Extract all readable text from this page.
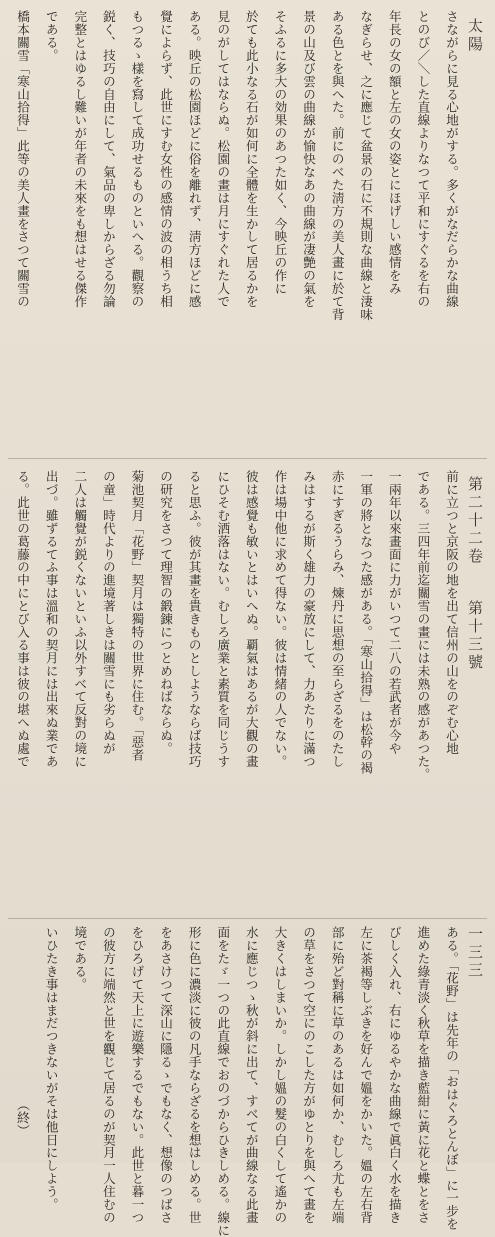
太陽

さながらに見る心地がする。多くがなだらかな曲線

とのび／＼した直線よりなつて平和にすぐるを右の

年長の女の額と左の女の姿とにほげしい感情をみ

なぎらせ、之に應じて盆景の石に不規則な曲線と淒味

ある色とを與へた。前にのべた淸方の美人畫に於て背

景の山及び雲の曲線が愉快なあの曲線が凄艶の氣を

そふるに多大の効果のあつた如く、今映丘の作に

於ても此小なる石が如何に全體を生かして居るかを

見のがしてはならぬ。松園の畫は月にすぐれた人で

ある。映丘の松園ほどに俗を離れず、淸方ほどに感

覺によらず、此世にすむ女性の感情の波の相うち相

もつるゝ樣を寫して成功せるものといへる。觀察の

鋭く、技巧の自由にして、氣品の卑しからざる勿論

完整とはゆるし難いが年者の未來をも想はせる傑作

である。

橋本關雪「寒山拾得」此等の美人畫をさつて關雪の

第二十二卷
第十三號

前に立つと京阪の地を出て信州の山をのぞむ心地

である。三四年前迄關雪の畫には未熟の感があつた。

一兩年以來畫面に力がいつて二八の若武者が今や

一軍の將となつた感がある。「寒山拾得」は松幹の褐

赤にすぎるうらみ、煉丹に思想の至らざるをのたし

みはするが斯く雄力の豪放にして、力あたりに滿つ

作は場中他に求めて得ない。彼は情緒の人でない。

彼は感覺も敏いとはいへぬ。覇氣はあるが大觀の畫

にひそむ洒落はない。むしろ廣業と素質を同じうす

ると思ふ。彼が其畫を貴きものとしようならば技巧

の研究をさつて理智の鍛錬につとめねばならぬ。

菊池契月「花野」契月は獨特の世界に住む。「惡者

の童」時代よりの進境著しきは關雪にも劣らぬが

二人は觸覺が鋭くないといふ以外すべて反對の境に

出づ。雖ずるてふ事は溫和の契月には出來ぬ業であ

る。此世の葛藤の中にとび入る事は彼の堪へぬ處で

一三三

ある。「花野」は先年の「おはぐろとんぼ」に一步を

進めた綠青淡く秋草を描き藍紺に黃に花と蝶とをさ

びしく入れ、右にゆるやかな曲線で眞白く水を描き

左に茶褐等しぶきを好んで媼をかいた。媼の左右背

部に殆ど對稱に草のあるは如何か、むしろ尤も左端

の草をさつて空にのこした方がゆとりを與へて畫を

大きくはしまいか。しかし媼の髮の白くして遙かの

水に應じつゝ秋が斜に出て、すべてが曲線なる此畫

面をたゞ一つの此直線でおのづからひきしめる。線に

形に色に濃淡に彼の凡手ならざるを想はしめる。世

をあさけつて深山に隱るゝでもなく、想像のつばさ

をひろげて天上に遊樂するでもない。此世と暮一つ

の彼方に端然と世を觀じて居るのが契月一人住むの

境である。

いひたき事はまだつきないがそは他日にしよう。

（終）
